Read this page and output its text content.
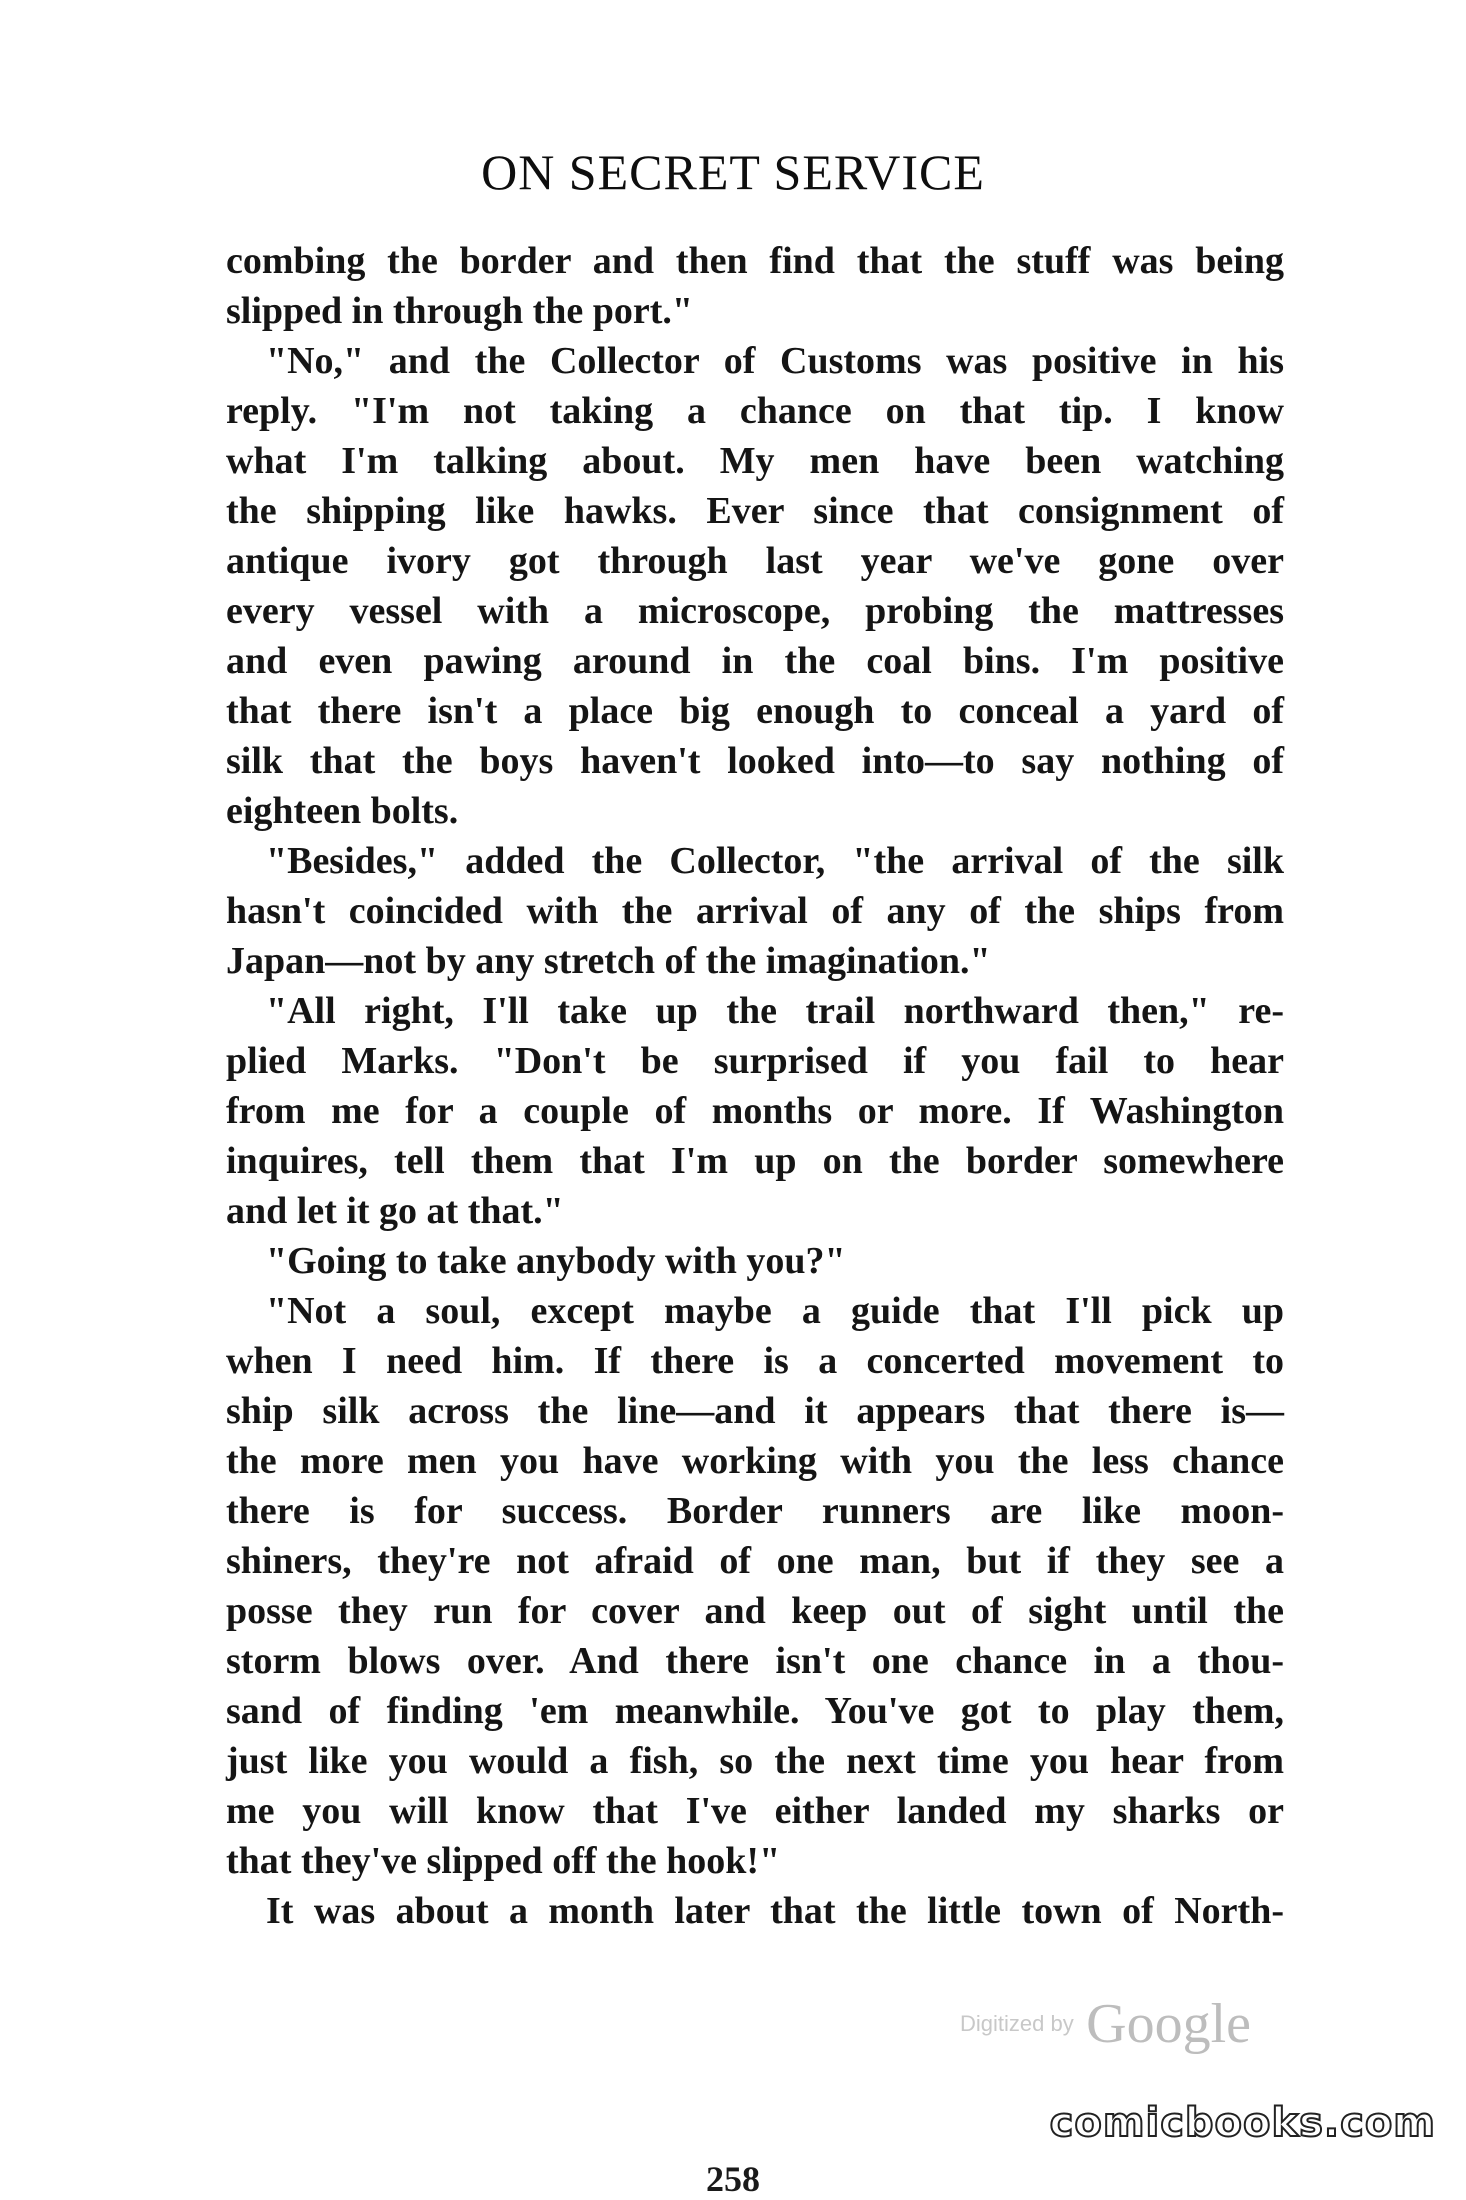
ON SECRET SERVICE
combing the border and then find that the stuff was being
slipped in through the port."
"No," and the Collector of Customs was positive in his
reply. "I'm not taking a chance on that tip. I know
what I'm talking about. My men have been watching
the shipping like hawks. Ever since that consignment of
antique ivory got through last year we've gone over
every vessel with a microscope, probing the mattresses
and even pawing around in the coal bins. I'm positive
that there isn't a place big enough to conceal a yard of
silk that the boys haven't looked into—to say nothing of
eighteen bolts.
"Besides," added the Collector, "the arrival of the silk
hasn't coincided with the arrival of any of the ships from
Japan—not by any stretch of the imagination."
"All right, I'll take up the trail northward then," re-
plied Marks. "Don't be surprised if you fail to hear
from me for a couple of months or more. If Washington
inquires, tell them that I'm up on the border somewhere
and let it go at that."
"Going to take anybody with you?"
"Not a soul, except maybe a guide that I'll pick up
when I need him. If there is a concerted movement to
ship silk across the line—and it appears that there is—
the more men you have working with you the less chance
there is for success. Border runners are like moon-
shiners, they're not afraid of one man, but if they see a
posse they run for cover and keep out of sight until the
storm blows over. And there isn't one chance in a thou-
sand of finding 'em meanwhile. You've got to play them,
just like you would a fish, so the next time you hear from
me you will know that I've either landed my sharks or
that they've slipped off the hook!"
It was about a month later that the little town of North-
258
Digitized by Google
comicbooks.com
